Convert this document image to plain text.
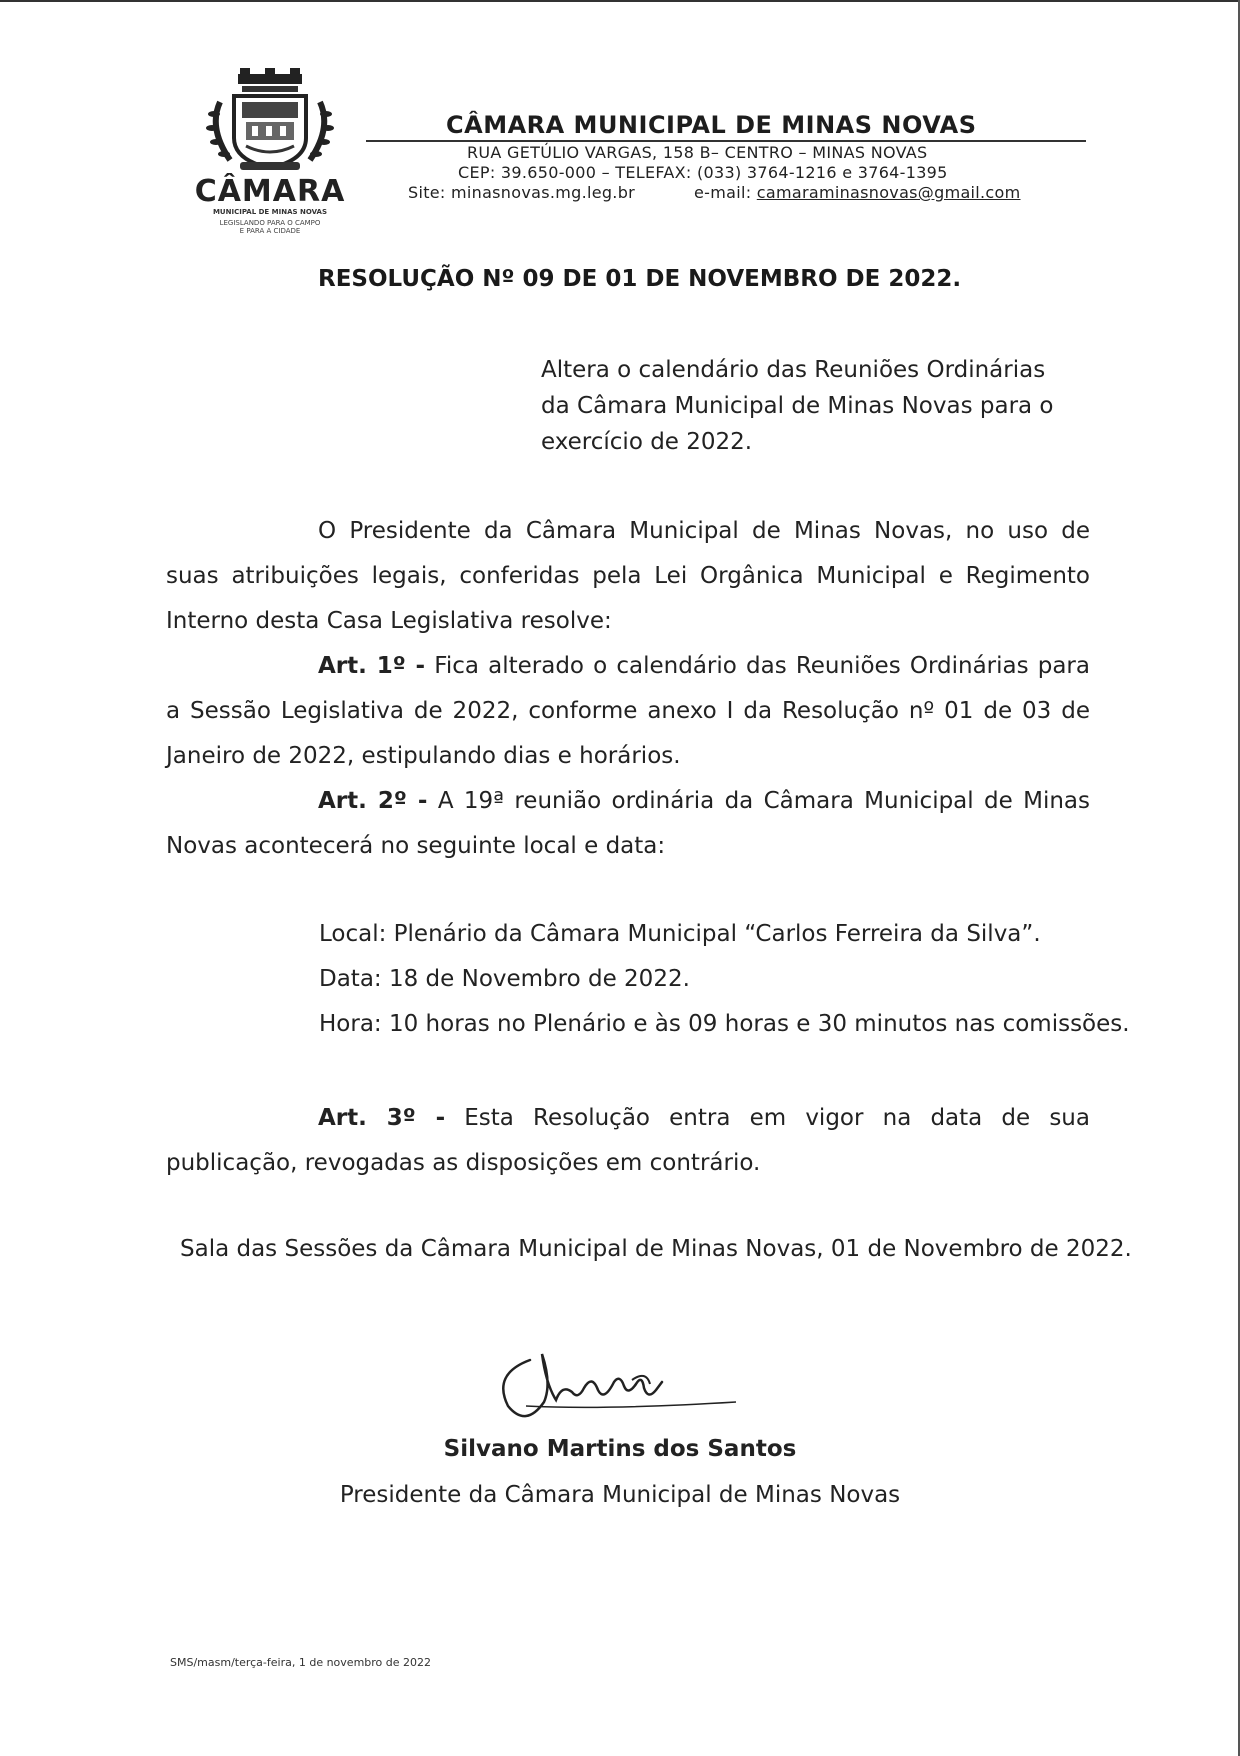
CÂMARA
MUNICIPAL DE MINAS NOVAS
LEGISLANDO PARA O CAMPO
E PARA A CIDADE
CÂMARA MUNICIPAL DE MINAS NOVAS
RUA GETÚLIO VARGAS, 158 B– CENTRO – MINAS NOVAS
CEP: 39.650-000 – TELEFAX: (033) 3764-1216 e 3764-1395
Site: minasnovas.mg.leg.br	e-mail: camaraminasnovas@gmail.com
RESOLUÇÃO Nº 09 DE 01 DE NOVEMBRO DE 2022.
Altera o calendário das Reuniões Ordinárias da Câmara Municipal de Minas Novas para o exercício de 2022.
O Presidente da Câmara Municipal de Minas Novas, no uso de suas atribuições legais, conferidas pela Lei Orgânica Municipal e Regimento Interno desta Casa Legislativa resolve:
Art. 1º - Fica alterado o calendário das Reuniões Ordinárias para a Sessão Legislativa de 2022, conforme anexo I da Resolução nº 01 de 03 de Janeiro de 2022, estipulando dias e horários.
Art. 2º - A 19ª reunião ordinária da Câmara Municipal de Minas Novas acontecerá no seguinte local e data:
Local: Plenário da Câmara Municipal “Carlos Ferreira da Silva”.
Data: 18 de Novembro de 2022.
Hora: 10 horas no Plenário e às 09 horas e 30 minutos nas comissões.
Art. 3º - Esta Resolução entra em vigor na data de sua publicação, revogadas as disposições em contrário.
Sala das Sessões da Câmara Municipal de Minas Novas, 01 de Novembro de 2022.
Silvano Martins dos Santos
Presidente da Câmara Municipal de Minas Novas
SMS/masm/terça-feira, 1 de novembro de 2022
